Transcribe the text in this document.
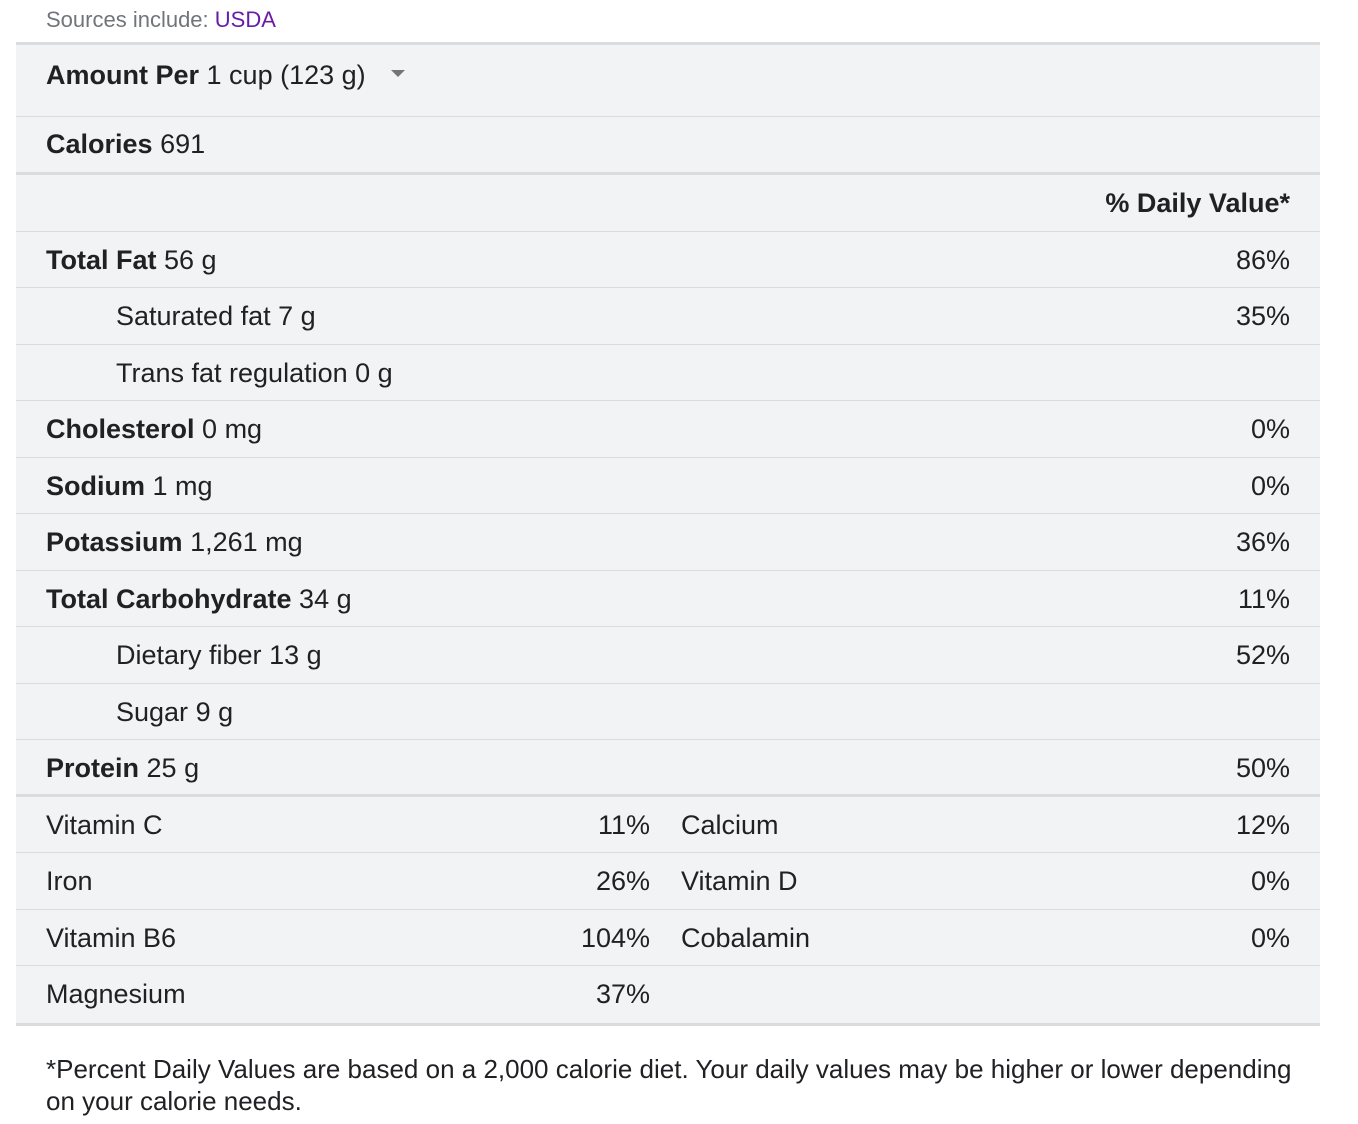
Sources include: USDA
Amount Per 1 cup (123 g)
Calories 691
% Daily Value*
Total Fat 56 g	86%
Saturated fat 7 g	35%
Trans fat regulation 0 g
Cholesterol 0 mg	0%
Sodium 1 mg	0%
Potassium 1,261 mg	36%
Total Carbohydrate 34 g	11%
Dietary fiber 13 g	52%
Sugar 9 g
Protein 25 g	50%
Vitamin C	11% Calcium	12%
Iron	26% Vitamin D	0%
Vitamin B6	104% Cobalamin	0%
Magnesium	37%
*Percent Daily Values are based on a 2,000 calorie diet. Your daily values may be higher or lower depending on your calorie needs.
